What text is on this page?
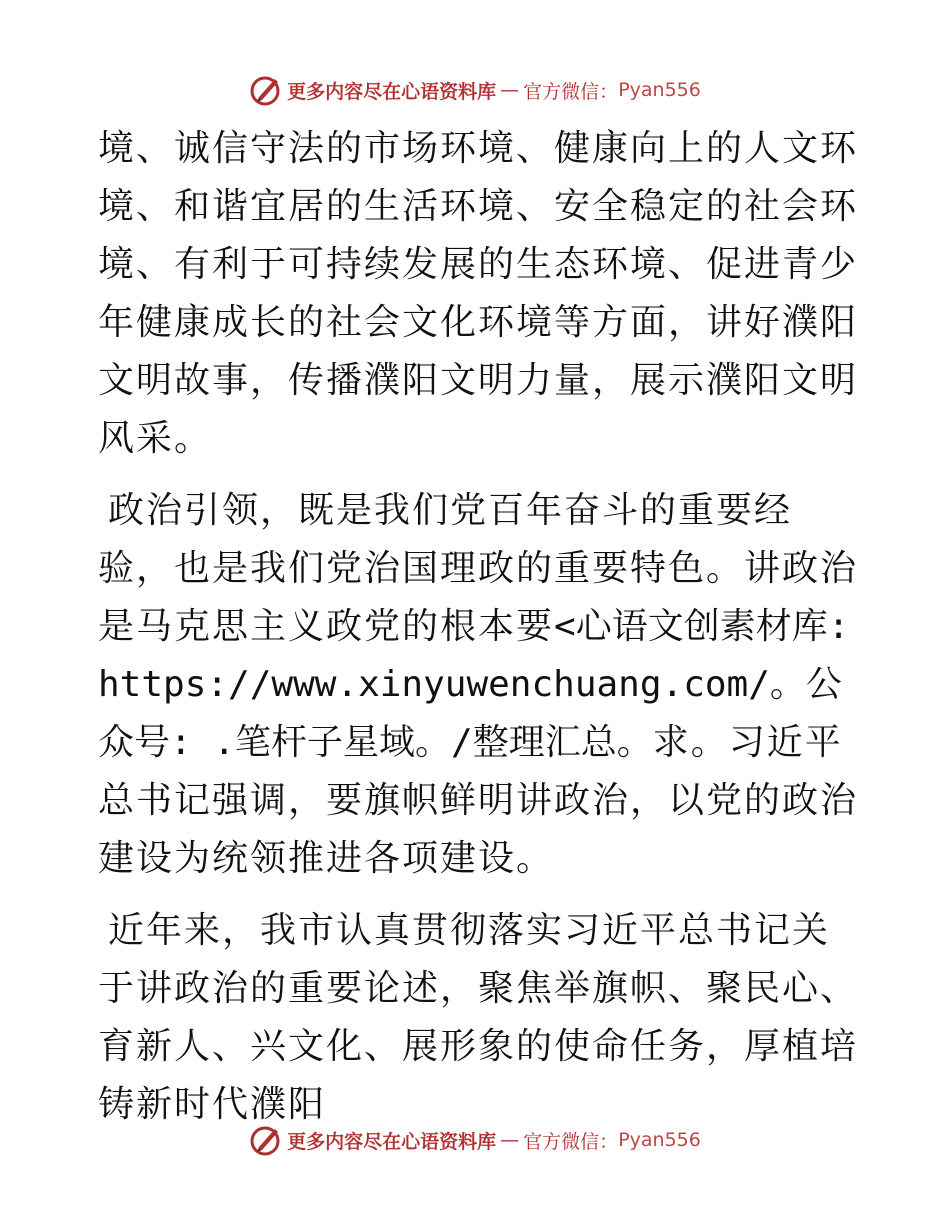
更多内容尽在心语资料库 — 官方微信： Pyan556

境、诚信守法的市场环境、健康向上的人文环境、和谐宜居的生活环境、安全稳定的社会环境、有利于可持续发展的生态环境、促进青少年健康成长的社会文化环境等方面，讲好濮阳文明故事，传播濮阳文明力量，展示濮阳文明风采。

政治引领，既是我们党百年奋斗的重要经验，也是我们党治国理政的重要特色。讲政治是马克思主义政党的根本要<心语文创素材库: https://www.xinyuwenchuang.com/。公众号: .笔杆子星域。/整理汇总。求。习近平总书记强调，要旗帜鲜明讲政治，以党的政治建设为统领推进各项建设。

近年来，我市认真贯彻落实习近平总书记关于讲政治的重要论述，聚焦举旗帜、聚民心、育新人、兴文化、展形象的使命任务，厚植培铸新时代濮阳

更多内容尽在心语资料库 — 官方微信： Pyan556
